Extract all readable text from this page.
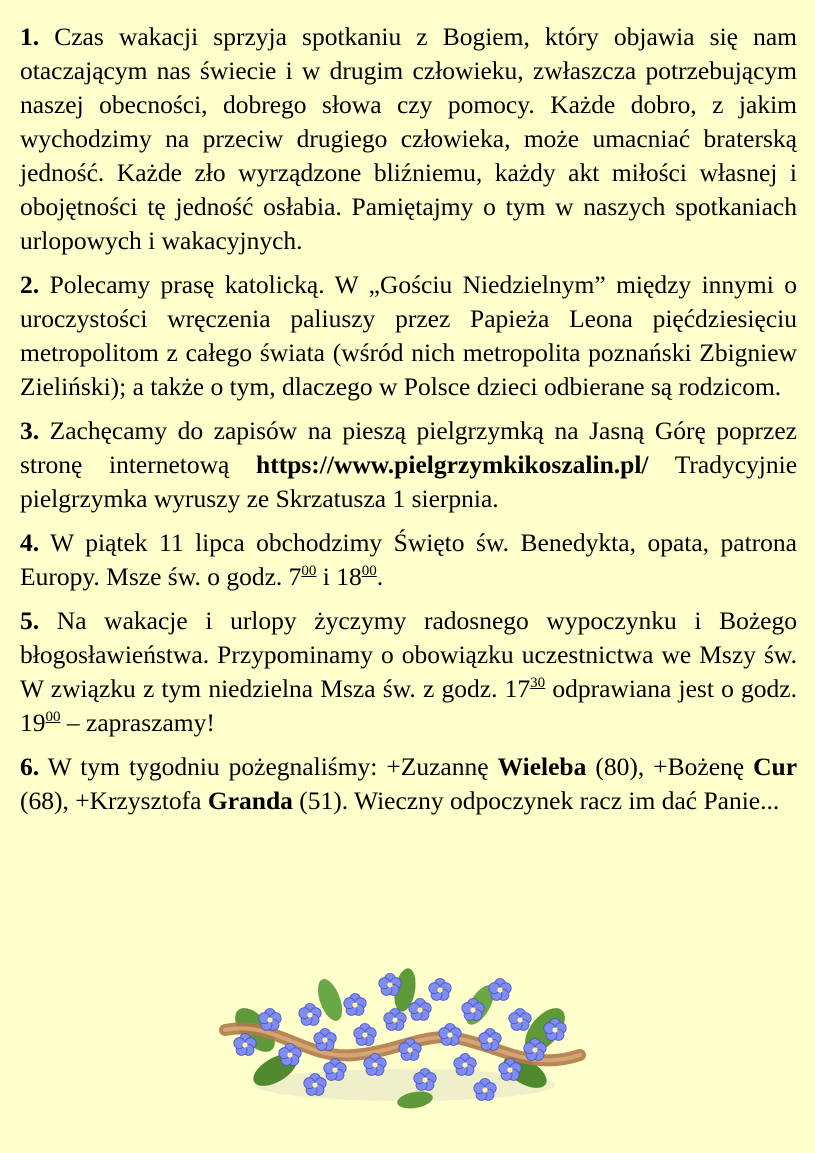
1. Czas wakacji sprzyja spotkaniu z Bogiem, który objawia się nam otaczającym nas świecie i w drugim człowieku, zwłaszcza potrzebującym naszej obecności, dobrego słowa czy pomocy. Każde dobro, z jakim wychodzimy na przeciw drugiego człowieka, może umacniać braterską jedność. Każde zło wyrządzone bliźniemu, każdy akt miłości własnej i obojętności tę jedność osłabia. Pamiętajmy o tym w naszych spotkaniach urlopowych i wakacyjnych.

2. Polecamy prasę katolicką. W „Gościu Niedzielnym” między innymi o uroczystości wręczenia paliuszy przez Papieża Leona pięćdziesięciu metropolitom z całego świata (wśród nich metropolita poznański Zbigniew Zieliński); a także o tym, dlaczego w Polsce dzieci odbierane są rodzicom.

3. Zachęcamy do zapisów na pieszą pielgrzymką na Jasną Górę poprzez stronę internetową https://www.pielgrzymkikoszalin.pl/ Tradycyjnie pielgrzymka wyruszy ze Skrzatusza 1 sierpnia.

4. W piątek 11 lipca obchodzimy Święto św. Benedykta, opata, patrona Europy. Msze św. o godz. $7^{00}$ i $18^{00}$.

5. Na wakacje i urlopy życzymy radosnego wypoczynku i Bożego błogosławieństwa. Przypominamy o obowiązku uczestnictwa we Mszy św. W związku z tym niedzielna Msza św. z godz. $17^{30}$ odprawiana jest o godz. $19^{00}$ – zapraszamy!

6. W tym tygodniu pożegnaliśmy: +Zuzannę Wieleba (80), +Bożenę Cur (68), +Krzysztofa Granda (51). Wieczny odpoczynek racz im dać Panie...
